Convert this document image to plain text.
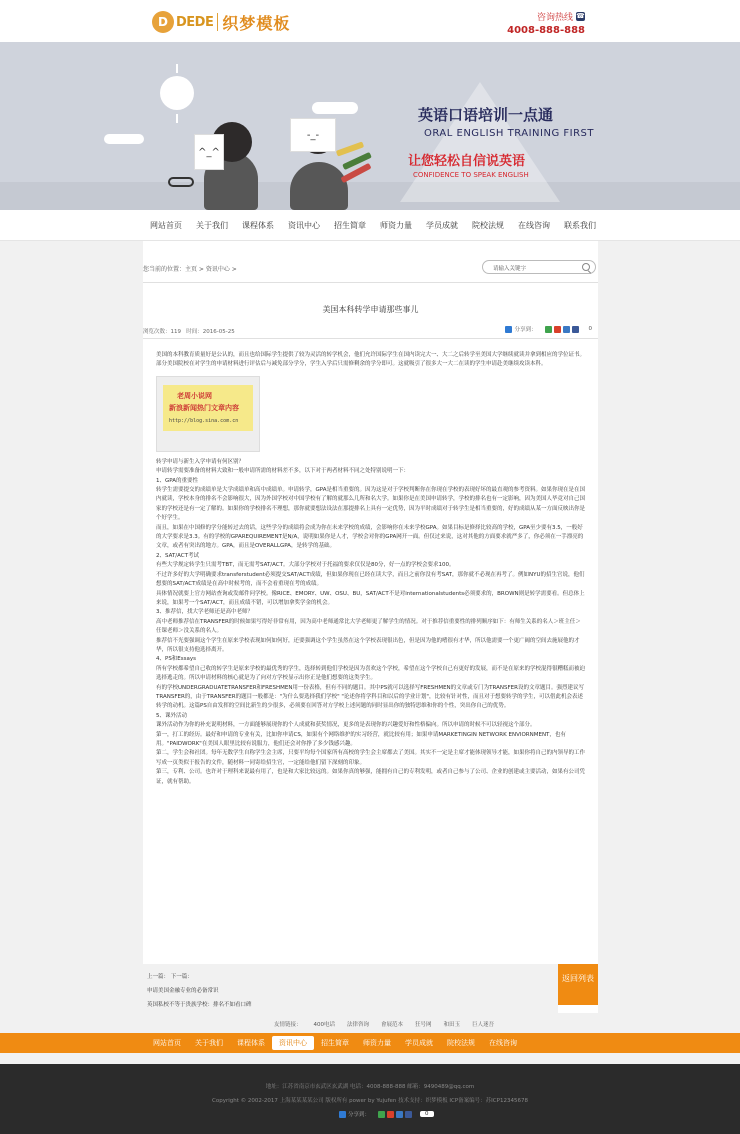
D DEDE 织梦模板	咨询热线 ☎
4008-888-888
^_^
-_-
英语口语培训一点通
ORAL ENGLISH TRAINING FIRST
让您轻松自信说英语
CONFIDENCE TO SPEAK ENGLISH
网站首页	关于我们	课程体系	资讯中心	招生简章	师资力量	学员成就	院校法规	在线咨询	联系我们
您当前的位置：主页 > 资讯中心 >	请输入关键字
美国本科转学申请那些事儿
浏览次数：119 时间：2016-05-25	分享到：	0

美国的本科教育质量好是公认的，而且也给国际学生提供了较为灵活的转学机会，他们允许国际学生在国内读完大一、大二之后转学至美国大学继续就读并拿到相应的学位证书。部分美国院校在对学生的申请材料进行评估后与减免部分学分，学生入学后只需修剩余的学分即可。这就吸引了很多大一大二在读的学生申请赴美继续攻读本科。

老周小说网
新浪新闻热门文章内容
http://blog.sina.com.cn

转学申请与新生入学申请有何区别？

申请转学需要准备的材料大致和一般申请所需的材料差不多，以下对于两者材料不同之处特别说明一下：

1、GPA的重要性

转学生需要提交的成绩单是大学成绩单和高中成绩单。申请转学，GPA是相当重要的。因为这是对于学校判断你在你现在学校的表现好坏的最直观的参考资料。如果你现在是在国内就读，学校本身的排名不会影响很大，因为外国学校对中国学校有了解的就那么几所和名大学。如果你是在美国申请转学，学校的排名也有一定影响，因为美国人毕竟对自己国家的学校还是有一定了解的。如果你的学校排名不理想，那你就要想法设法在那提排名上具有一定优势，因为平时成绩对于转学生是相当重要的，好的成绩从某一方面反映出你是个好学生。

而且，如果在中国修的学分能转过去的话，这些学分的成绩将会成为你在未来学校的成绩，会影响你在未来学校GPA。如果目标是修择比较高的学校，GPA至少要有3.5，一般好的大学要求是3.3。有的学校的GPAREQUIREMENT是N/A，说明如果你是人才，学校会对你的GPA网开一面。但仅过来说，这对其他的方面要求就严多了，你必须在一手漂亮的文章，或者有突出的地方。GPA，而且是OVERALLGPA，是转学的基础。

2、SAT/ACT考试

有些大学规定转学生只需考TBT，而无需考SAT/ACT。大部分学校对于托福的要求仅仅是80分，好一点的学校会要求100。

不过许多好的大学明确要求transferstudent必须提交SAT/ACT成绩，但如果你现在已经在读大学，而且之前你没有考SAT，那你就不必现在再考了。例如NYU的招生官说，他们想要的SAT/ACT成绩是在高中时候考的，而不会看重现在考的成绩。

具体情况就要上官方网站查询或发邮件问学校。像RICE、EMORY、UW、OSU、BU，SAT/ACT不是对internationalstudents必须要求的，BROWN则是转学需要看。但总体上来说，如果考一个SAT/ACT，而且成绩不错，可以增加拿奖学金的机会。

3、推荐信，找大学老师还是高中老师？

高中老师推荐信在TRANSFER的时候如果写得好非常有用，因为高中老师通常比大学老师更了解学生的情况。对于推荐信重要性的排列顺序如下：有师生关系的名人＞班主任＞任课老师＞没关系的名人。

推荐信不光要强调这个学生在原来学校表现如何如何好，还要强调这个学生虽然在这个学校表现很出色，但是因为他的嗜很有才华，所以他需要一个更广阔的空间去施展他的才华，所以很支持他选择离开。

4、PS和Essays

所有学校都希望自己收的转学生是原来学校的最优秀的学生，选择转到他们学校是因为喜欢这个学校，希望在这个学校自己有更好的发展，而不是在原来的学校混得很糟糕而被迫选择逃走的。所以申请材料的核心就是为了向对方学校显示出你正是他们想要的这类学生。

有的学校UNDERGRADUATETRANSFER和FRESHMEN用一份表格，但有不同的题目。其中PS就可以选择写FRESHMEN的文章或专门为TRANSFER设的文章题目。强烈建议写TRANSFER的，由于TRANSFER的题目一般都是："为什么要选择我们学校" "论述你将学科目和以后的学业计划"，比较有针对性，而且对于想要转学的学生，可以借此机会表述转学的动机。这篇PS自由发挥的空间比新生的少很多，必须要在回答对方学校上述问题的同时显出你的独特思维和你的个性，突出你自己的优势。

5、课外活动

课外活动作为你的补充说明材料，一方面能够展现你的个人成就和获奖情况，更多的是表现你的兴趣爱好和性格偏向。所以申请的时候不可以轻视这个部分。

第一，打工的经历。最好和申请的专业有关，比如你申请CS，如果有个网络维护的实习经营，就比较有用；如果申请MARKETINGIN NETWORK ENVIORNMENT，也有用。"PAIDWORK"在美国人眼里比较有说服力，他们还会对你挣了多少钱感兴趣。

第二，学生会和社团。每年无数学生自称学生会主席，只要平均每个国家所有高校的学生会主席都去了美国。其实不一定是主席才能体现领导才能，如果你将自己的内领导的工作写成一页类似于报告的文件，随材料一同寄给招生官，一定能给他们留下深刻的印象。

第三，专利、公司。也许对于理科来说最有用了，也是和大家比较远的。如果你真的够强，能拥有自己的专利发明，或者自己参与了公司、企业的创建或主要活动，如果有公司凭证，就有帮助。

上一篇： 下一篇：
申请美国金融专业的必备常识
英国私校不等于贵族学校：排名不如看口碑
返回列表
友情链接： 400电话 法律咨询 會展范本 狂号网 和田玉 巨人迷吾
网站首页	关于我们	课程体系	资讯中心	招生简章	师资力量	学员成就	院校法规	在线咨询
地址：江苏省南京市玄武区玄武湖 电话：4008-888-888 邮箱：9490489@qq.com
Copyright © 2002-2017 上海某某某某公司 版权所有 power by Yujufen 技术支持：织梦模板 ICP备案编号：苏ICP12345678
分享到：	0
